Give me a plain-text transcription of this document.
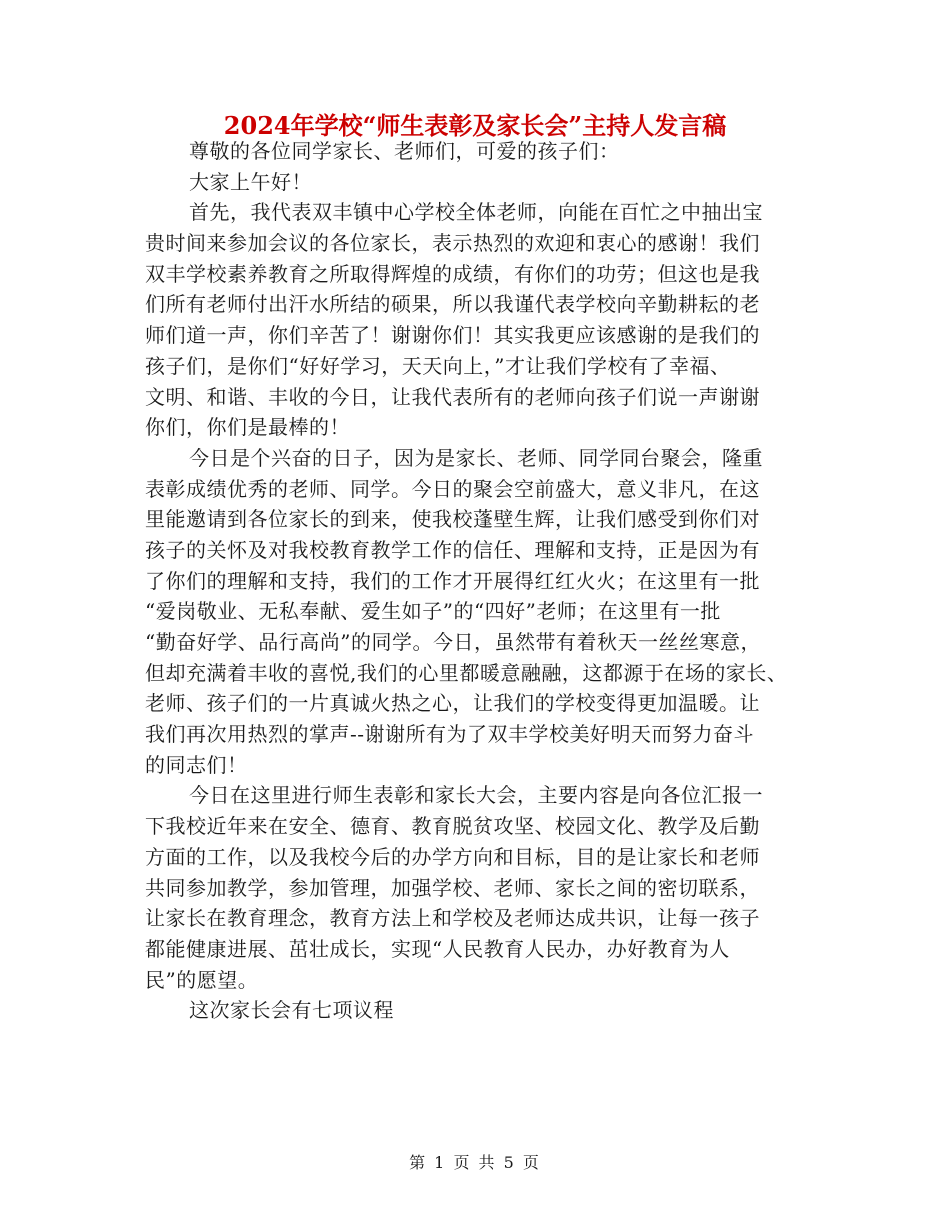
2024年学校“师生表彰及家长会”主持人发言稿
尊敬的各位同学家长、老师们，可爱的孩子们：
大家上午好！
首先，我代表双丰镇中心学校全体老师，向能在百忙之中抽出宝
贵时间来参加会议的各位家长，表示热烈的欢迎和衷心的感谢！我们
双丰学校素养教育之所取得辉煌的成绩，有你们的功劳；但这也是我
们所有老师付出汗水所结的硕果，所以我谨代表学校向辛勤耕耘的老
师们道一声，你们辛苦了！谢谢你们！其实我更应该感谢的是我们的
孩子们，是你们“好好学习，天天向上，”才让我们学校有了幸福、
文明、和谐、丰收的今日，让我代表所有的老师向孩子们说一声谢谢
你们，你们是最棒的！
今日是个兴奋的日子，因为是家长、老师、同学同台聚会，隆重
表彰成绩优秀的老师、同学。今日的聚会空前盛大，意义非凡，在这
里能邀请到各位家长的到来，使我校蓬壁生辉，让我们感受到你们对
孩子的关怀及对我校教育教学工作的信任、理解和支持，正是因为有
了你们的理解和支持，我们的工作才开展得红红火火；在这里有一批
“爱岗敬业、无私奉献、爱生如子”的“四好”老师；在这里有一批
“勤奋好学、品行高尚”的同学。今日，虽然带有着秋天一丝丝寒意，
但却充满着丰收的喜悦,我们的心里都暖意融融，这都源于在场的家长、
老师、孩子们的一片真诚火热之心，让我们的学校变得更加温暖。让
我们再次用热烈的掌声--谢谢所有为了双丰学校美好明天而努力奋斗
的同志们！
今日在这里进行师生表彰和家长大会，主要内容是向各位汇报一
下我校近年来在安全、德育、教育脱贫攻坚、校园文化、教学及后勤
方面的工作，以及我校今后的办学方向和目标，目的是让家长和老师
共同参加教学，参加管理，加强学校、老师、家长之间的密切联系，
让家长在教育理念，教育方法上和学校及老师达成共识，让每一孩子
都能健康进展、茁壮成长，实现“人民教育人民办，办好教育为人
民”的愿望。
这次家长会有七项议程
第 1 页 共 5 页
